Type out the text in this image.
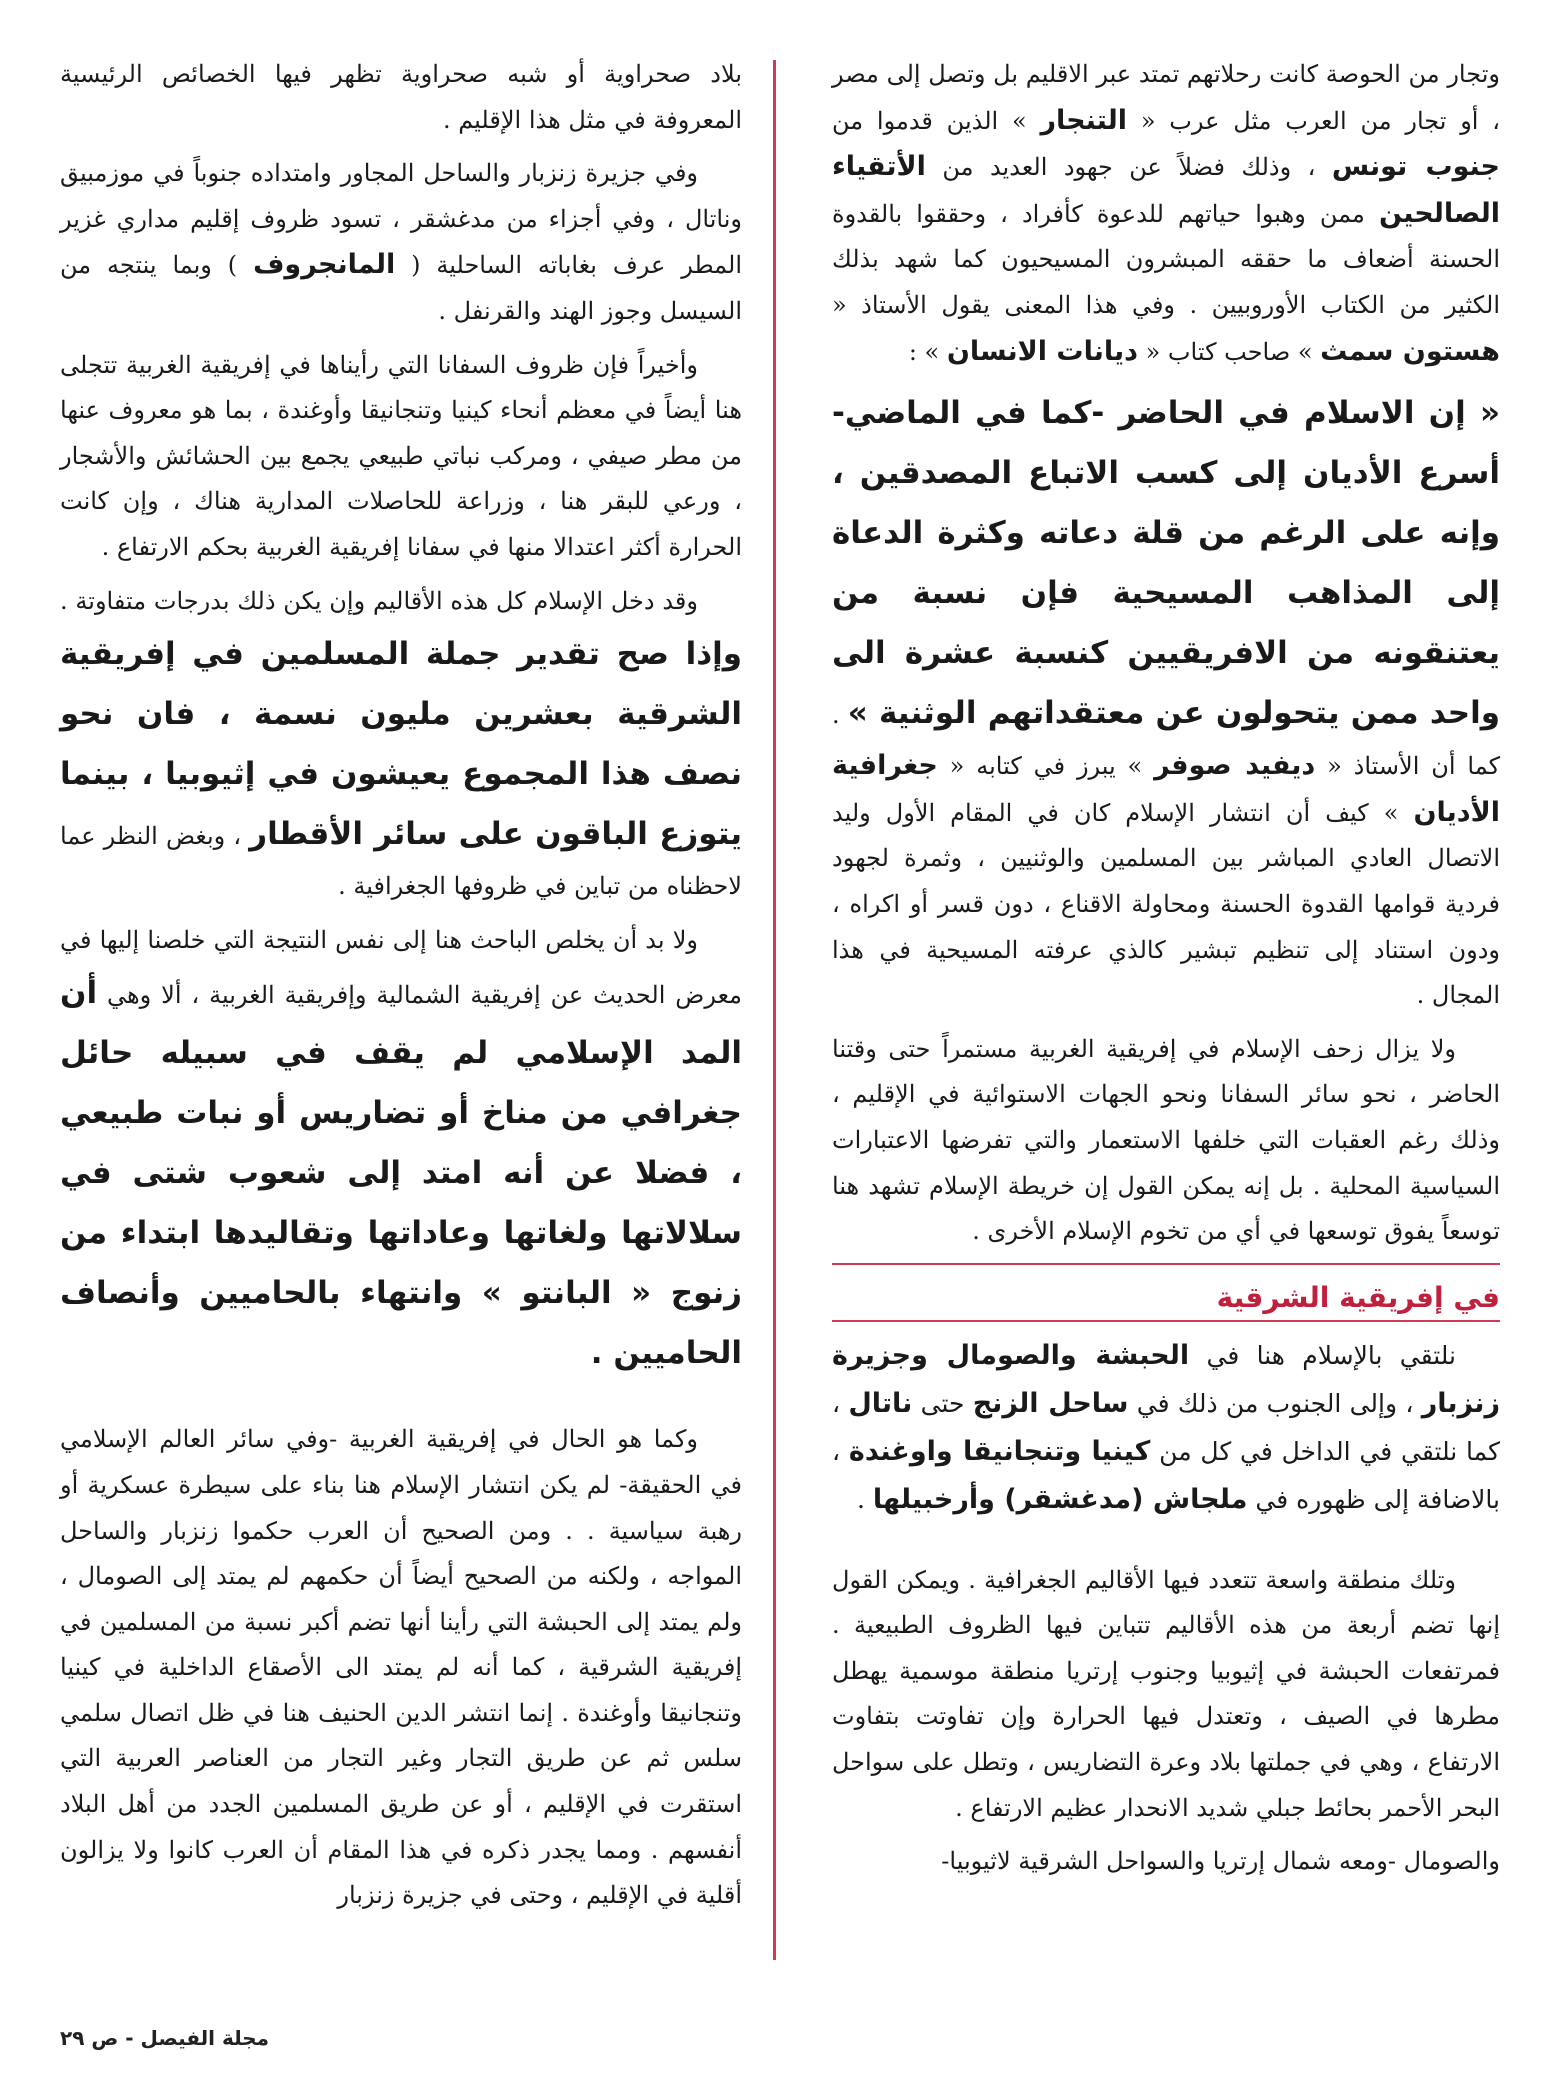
وتجار من الحوصة كانت رحلاتهم تمتد عبر الاقليم بل وتصل إلى مصر ، أو تجار من العرب مثل عرب « التنجار » الذين قدموا من جنوب تونس ، وذلك فضلاً عن جهود العديد من الأتقياء الصالحين ممن وهبوا حياتهم للدعوة كأفراد ، وحققوا بالقدوة الحسنة أضعاف ما حققه المبشرون المسيحيون كما شهد بذلك الكثير من الكتاب الأوروبيين . وفي هذا المعنى يقول الأستاذ « هستون سمث » صاحب كتاب « ديانات الانسان » :

« إن الاسلام في الحاضر -كما في الماضي- أسرع الأديان إلى كسب الاتباع المصدقين ، وإنه على الرغم من قلة دعاته وكثرة الدعاة إلى المذاهب المسيحية فإن نسبة من يعتنقونه من الافريقيين كنسبة عشرة الى واحد ممن يتحولون عن معتقداتهم الوثنية » . كما أن الأستاذ « ديفيد صوفر » يبرز في كتابه « جغرافية الأديان » كيف أن انتشار الإسلام كان في المقام الأول وليد الاتصال العادي المباشر بين المسلمين والوثنيين ، وثمرة لجهود فردية قوامها القدوة الحسنة ومحاولة الاقناع ، دون قسر أو اكراه ، ودون استناد إلى تنظيم تبشير كالذي عرفته المسيحية في هذا المجال .

ولا يزال زحف الإسلام في إفريقية الغربية مستمراً حتى وقتنا الحاضر ، نحو سائر السفانا ونحو الجهات الاستوائية في الإقليم ، وذلك رغم العقبات التي خلفها الاستعمار والتي تفرضها الاعتبارات السياسية المحلية . بل إنه يمكن القول إن خريطة الإسلام تشهد هنا توسعاً يفوق توسعها في أي من تخوم الإسلام الأخرى .

في إفريقية الشرقية

نلتقي بالإسلام هنا في الحبشة والصومال وجزيرة زنزبار ، وإلى الجنوب من ذلك في ساحل الزنج حتى ناتال ، كما نلتقي في الداخل في كل من كينيا وتنجانيقا واوغندة ، بالاضافة إلى ظهوره في ملجاش (مدغشقر) وأرخبيلها .

وتلك منطقة واسعة تتعدد فيها الأقاليم الجغرافية . ويمكن القول إنها تضم أربعة من هذه الأقاليم تتباين فيها الظروف الطبيعية . فمرتفعات الحبشة في إثيوبيا وجنوب إرتريا منطقة موسمية يهطل مطرها في الصيف ، وتعتدل فيها الحرارة وإن تفاوتت بتفاوت الارتفاع ، وهي في جملتها بلاد وعرة التضاريس ، وتطل على سواحل البحر الأحمر بحائط جبلي شديد الانحدار عظيم الارتفاع .

والصومال -ومعه شمال إرتريا والسواحل الشرقية لاثيوبيا-

بلاد صحراوية أو شبه صحراوية تظهر فيها الخصائص الرئيسية المعروفة في مثل هذا الإقليم .

وفي جزيرة زنزبار والساحل المجاور وامتداده جنوباً في موزمبيق وناتال ، وفي أجزاء من مدغشقر ، تسود ظروف إقليم مداري غزير المطر عرف بغاباته الساحلية ( المانجروف ) وبما ينتجه من السيسل وجوز الهند والقرنفل .

وأخيراً فإن ظروف السفانا التي رأيناها في إفريقية الغربية تتجلى هنا أيضاً في معظم أنحاء كينيا وتنجانيقا وأوغندة ، بما هو معروف عنها من مطر صيفي ، ومركب نباتي طبيعي يجمع بين الحشائش والأشجار ، ورعي للبقر هنا ، وزراعة للحاصلات المدارية هناك ، وإن كانت الحرارة أكثر اعتدالا منها في سفانا إفريقية الغربية بحكم الارتفاع .

وقد دخل الإسلام كل هذه الأقاليم وإن يكن ذلك بدرجات متفاوتة . وإذا صح تقدير جملة المسلمين في إفريقية الشرقية بعشرين مليون نسمة ، فان نحو نصف هذا المجموع يعيشون في إثيوبيا ، بينما يتوزع الباقون على سائر الأقطار ، وبغض النظر عما لاحظناه من تباين في ظروفها الجغرافية .

ولا بد أن يخلص الباحث هنا إلى نفس النتيجة التي خلصنا إليها في معرض الحديث عن إفريقية الشمالية وإفريقية الغربية ، ألا وهي أن المد الإسلامي لم يقف في سبيله حائل جغرافي من مناخ أو تضاريس أو نبات طبيعي ، فضلا عن أنه امتد إلى شعوب شتى في سلالاتها ولغاتها وعاداتها وتقاليدها ابتداء من زنوج « البانتو » وانتهاء بالحاميين وأنصاف الحاميين .

وكما هو الحال في إفريقية الغربية -وفي سائر العالم الإسلامي في الحقيقة- لم يكن انتشار الإسلام هنا بناء على سيطرة عسكرية أو رهبة سياسية . . ومن الصحيح أن العرب حكموا زنزبار والساحل المواجه ، ولكنه من الصحيح أيضاً أن حكمهم لم يمتد إلى الصومال ، ولم يمتد إلى الحبشة التي رأينا أنها تضم أكبر نسبة من المسلمين في إفريقية الشرقية ، كما أنه لم يمتد الى الأصقاع الداخلية في كينيا وتنجانيقا وأوغندة . إنما انتشر الدين الحنيف هنا في ظل اتصال سلمي سلس ثم عن طريق التجار وغير التجار من العناصر العربية التي استقرت في الإقليم ، أو عن طريق المسلمين الجدد من أهل البلاد أنفسهم . ومما يجدر ذكره في هذا المقام أن العرب كانوا ولا يزالون أقلية في الإقليم ، وحتى في جزيرة زنزبار

مجلة الفيصل - ص ٢٩
